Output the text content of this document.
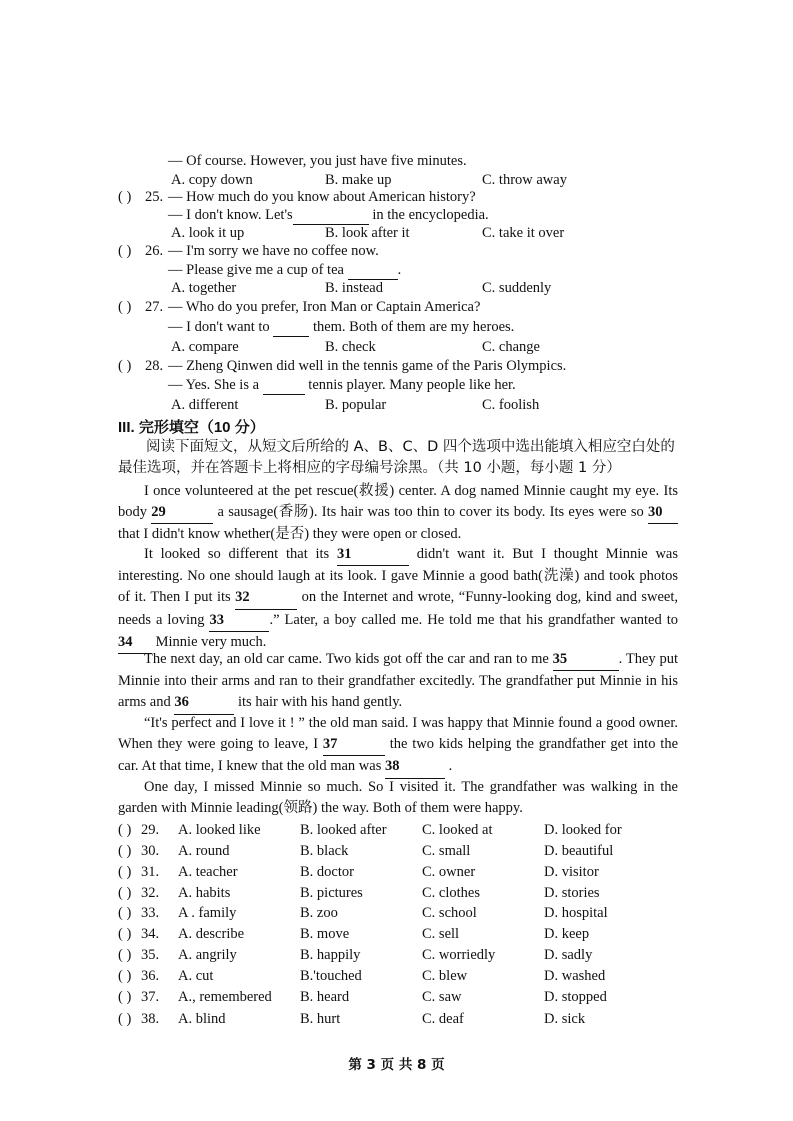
— Of course. However, you just have five minutes.
A. copy down	B. make up	C. throw away
( ) 25. — How much do you know about American history?
— I don't know. Let's	in the encyclopedia.
A. look it up	B. look after it	C. take it over
( ) 26. — I'm sorry we have no coffee now.
— Please give me a cup of tea	.
A. together	B. instead	C. suddenly
( ) 27. — Who do you prefer, Iron Man or Captain America?
— I don't want to	them. Both of them are my heroes.
A. compare	B. check	C. change
( ) 28. — Zheng Qinwen did well in the tennis game of the Paris Olympics.
— Yes. She is a	tennis player. Many people like her.
A. different	B. popular	C. foolish
III. 完形填空（10 分）
阅读下面短文，从短文后所给的 A、B、C、D 四个选项中选出能填入相应空白处的最佳选项，并在答题卡上将相应的字母编号涂黑。（共 10 小题，每小题 1 分）
I once volunteered at the pet rescue(救援) center. A dog named Minnie caught my eye. Its body 29	a sausage(香肠). Its hair was too thin to cover its body. Its eyes were so 30 that I didn't know whether(是否) they were open or closed.
It looked so different that its 31	didn't want it. But I thought Minnie was interesting. No one should laugh at its look. I gave Minnie a good bath(洗澡) and took photos of it. Then I put its 32	on the Internet and wrote, “Funny-looking dog, kind and sweet, needs a loving 33	.” Later, a boy called me. He told me that his grandfather wanted to 34 Minnie very much.
The next day, an old car came. Two kids got off the car and ran to me 35	. They put Minnie into their arms and ran to their grandfather excitedly. The grandfather put Minnie in his arms and 36	its hair with his hand gently.
“It's perfect and I love it ! ” the old man said. I was happy that Minnie found a good owner. When they were going to leave, I 37	the two kids helping the grandfather get into the car. At that time, I knew that the old man was 38	.
One day, I missed Minnie so much. So I visited it. The grandfather was walking in the garden with Minnie leading(领路) the way. Both of them were happy.
( ) 29. A. looked like	B. looked after C. looked at	D. looked for
( ) 30. A. round	B. black	C. small	D. beautiful
( ) 31. A. teacher	B. doctor	C. owner	D. visitor
( ) 32. A. habits	B. pictures	C. clothes	D. stories
( ) 33. A . family	B. zoo	C. school	D. hospital
( ) 34. A. describe	B. move	C. sell	D. keep
( ) 35. A. angrily	B. happily	C. worriedly	D. sadly
( ) 36. A. cut	B.'touched	C. blew	D. washed
( ) 37. A., remembered B. heard	C. saw	D. stopped
( ) 38. A. blind	B. hurt	C. deaf	D. sick
第 3 页 共 8 页
